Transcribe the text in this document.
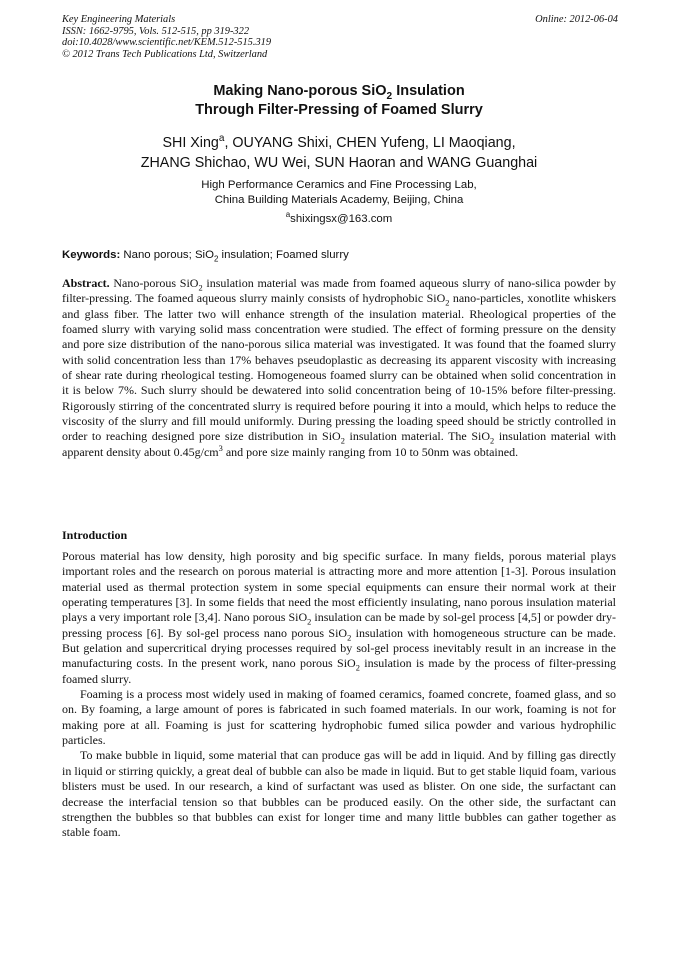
Key Engineering Materials
ISSN: 1662-9795, Vols. 512-515, pp 319-322
doi:10.4028/www.scientific.net/KEM.512-515.319
© 2012 Trans Tech Publications Ltd, Switzerland
Online: 2012-06-04
Making Nano-porous SiO$_2$ Insulation
Through Filter-Pressing of Foamed Slurry
SHI Xing$^a$, OUYANG Shixi, CHEN Yufeng, LI Maoqiang,
ZHANG Shichao, WU Wei, SUN Haoran and WANG Guanghai
High Performance Ceramics and Fine Processing Lab,
China Building Materials Academy, Beijing, China
$^a$shixingsx@163.com
Keywords: Nano porous; SiO$_2$ insulation; Foamed slurry
Abstract. Nano-porous SiO$_2$ insulation material was made from foamed aqueous slurry of nano-silica powder by filter-pressing. The foamed aqueous slurry mainly consists of hydrophobic SiO$_2$ nano-particles, xonotlite whiskers and glass fiber. The latter two will enhance strength of the insulation material. Rheological properties of the foamed slurry with varying solid mass concentration were studied. The effect of forming pressure on the density and pore size distribution of the nano-porous silica material was investigated. It was found that the foamed slurry with solid concentration less than 17% behaves pseudoplastic as decreasing its apparent viscosity with increasing of shear rate during rheological testing. Homogeneous foamed slurry can be obtained when solid concentration in it is below 7%. Such slurry should be dewatered into solid concentration being of 10-15% before filter-pressing. Rigorously stirring of the concentrated slurry is required before pouring it into a mould, which helps to reduce the viscosity of the slurry and fill mould uniformly. During pressing the loading speed should be strictly controlled in order to reaching designed pore size distribution in SiO$_2$ insulation material. The SiO$_2$ insulation material with apparent density about $0.45g/cm^3$ and pore size mainly ranging from 10 to 50nm was obtained.
Introduction

Porous material has low density, high porosity and big specific surface. In many fields, porous material plays important roles and the research on porous material is attracting more and more attention [1-3]. Porous insulation material used as thermal protection system in some special equipments can ensure their normal work at their operating temperatures [3]. In some fields that need the most efficiently insulating, nano porous insulation material plays a very important role [3,4]. Nano porous SiO$_2$ insulation can be made by sol-gel process [4,5] or powder dry-pressing process [6]. By sol-gel process nano porous SiO$_2$ insulation with homogeneous structure can be made. But gelation and supercritical drying processes required by sol-gel process inevitably result in an increase in the manufacturing costs. In the present work, nano porous SiO$_2$ insulation is made by the process of filter-pressing foamed slurry.

Foaming is a process most widely used in making of foamed ceramics, foamed concrete, foamed glass, and so on. By foaming, a large amount of pores is fabricated in such foamed materials. In our work, foaming is not for making pore at all. Foaming is just for scattering hydrophobic fumed silica powder and various hydrophilic particles.

To make bubble in liquid, some material that can produce gas will be add in liquid. And by filling gas directly in liquid or stirring quickly, a great deal of bubble can also be made in liquid. But to get stable liquid foam, various blisters must be used. In our research, a kind of surfactant was used as blister. On one side, the surfactant can decrease the interfacial tension so that bubbles can be produced easily. On the other side, the surfactant can strengthen the bubbles so that bubbles can exist for longer time and many little bubbles can gather together as stable foam.
